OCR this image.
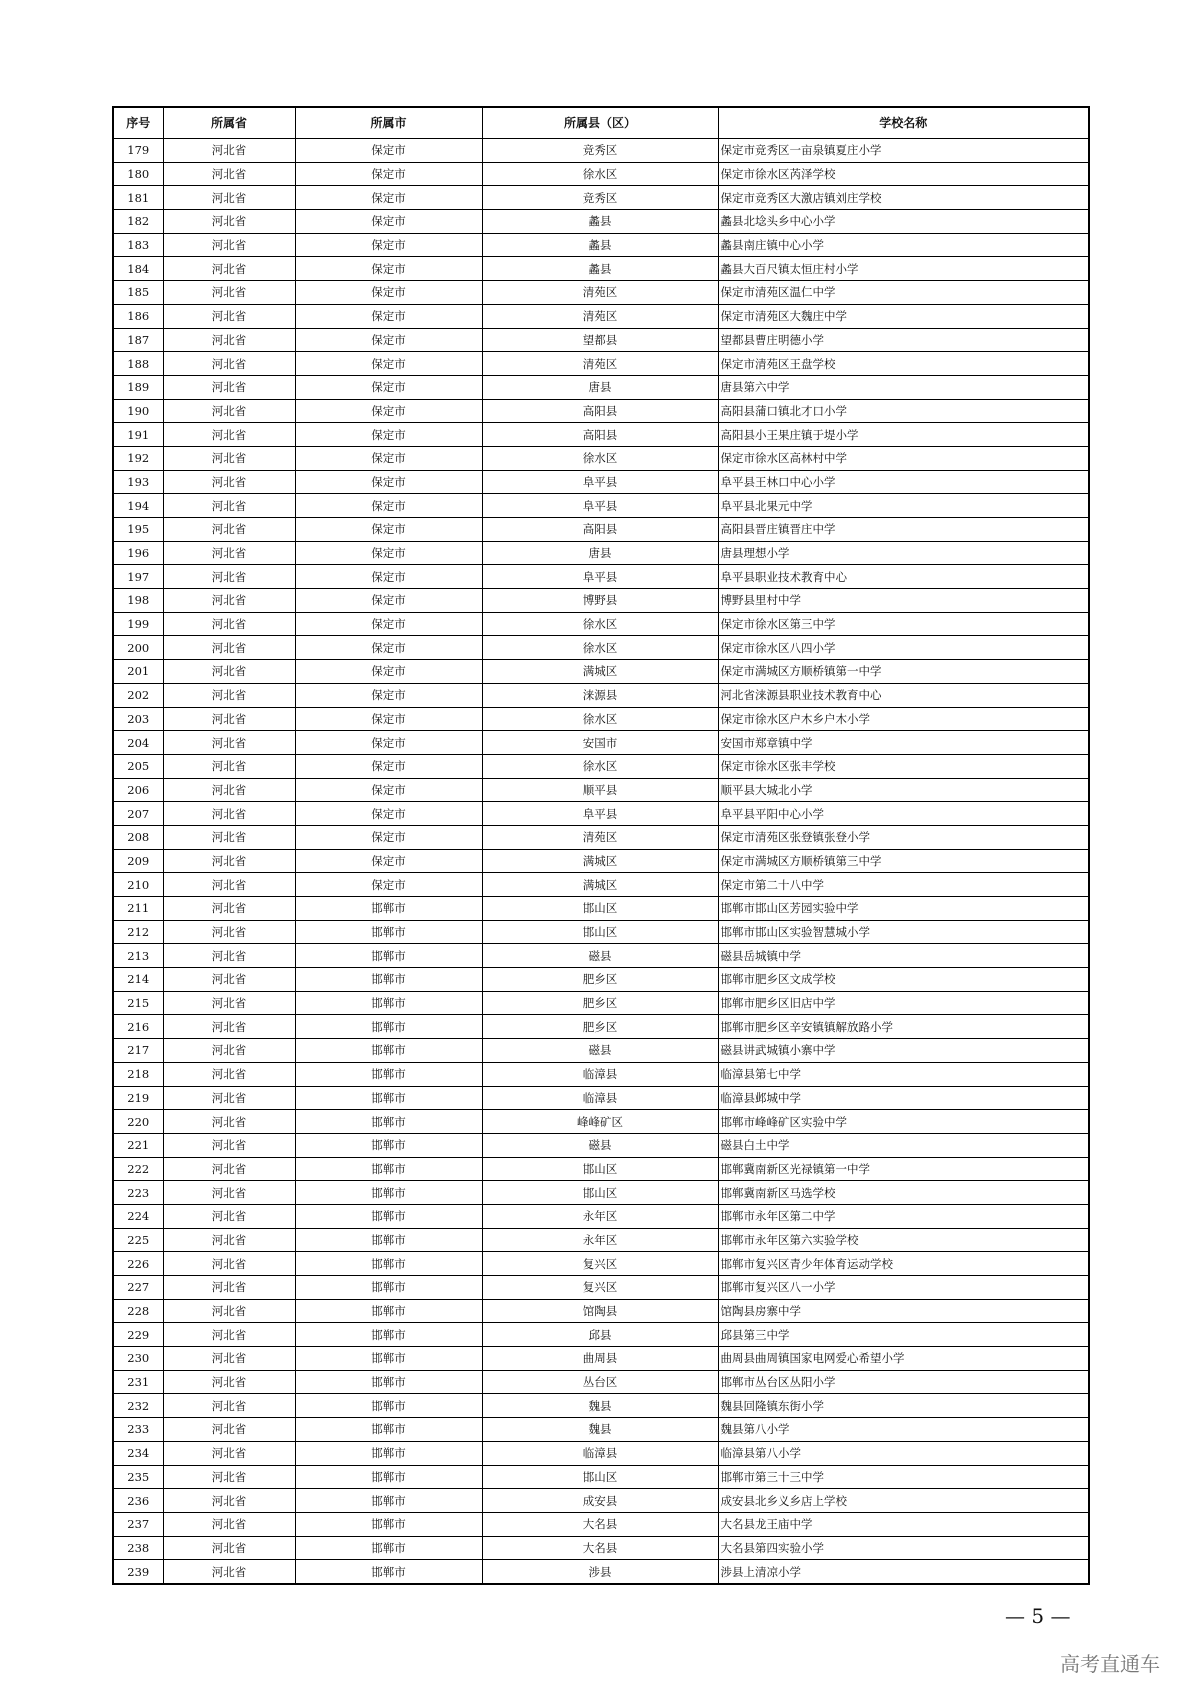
序号	所属省	所属市	所属县（区）	学校名称
179	河北省	保定市	竞秀区	保定市竞秀区一亩泉镇夏庄小学
180	河北省	保定市	徐水区	保定市徐水区芮泽学校
181	河北省	保定市	竞秀区	保定市竞秀区大激店镇刘庄学校
182	河北省	保定市	蠡县	蠡县北埝头乡中心小学
183	河北省	保定市	蠡县	蠡县南庄镇中心小学
184	河北省	保定市	蠡县	蠡县大百尺镇太恒庄村小学
185	河北省	保定市	清苑区	保定市清苑区温仁中学
186	河北省	保定市	清苑区	保定市清苑区大魏庄中学
187	河北省	保定市	望都县	望都县曹庄明德小学
188	河北省	保定市	清苑区	保定市清苑区王盘学校
189	河北省	保定市	唐县	唐县第六中学
190	河北省	保定市	高阳县	高阳县蒲口镇北才口小学
191	河北省	保定市	高阳县	高阳县小王果庄镇于堤小学
192	河北省	保定市	徐水区	保定市徐水区高林村中学
193	河北省	保定市	阜平县	阜平县王林口中心小学
194	河北省	保定市	阜平县	阜平县北果元中学
195	河北省	保定市	高阳县	高阳县晋庄镇晋庄中学
196	河北省	保定市	唐县	唐县理想小学
197	河北省	保定市	阜平县	阜平县职业技术教育中心
198	河北省	保定市	博野县	博野县里村中学
199	河北省	保定市	徐水区	保定市徐水区第三中学
200	河北省	保定市	徐水区	保定市徐水区八四小学
201	河北省	保定市	满城区	保定市满城区方顺桥镇第一中学
202	河北省	保定市	涞源县	河北省涞源县职业技术教育中心
203	河北省	保定市	徐水区	保定市徐水区户木乡户木小学
204	河北省	保定市	安国市	安国市郑章镇中学
205	河北省	保定市	徐水区	保定市徐水区张丰学校
206	河北省	保定市	顺平县	顺平县大城北小学
207	河北省	保定市	阜平县	阜平县平阳中心小学
208	河北省	保定市	清苑区	保定市清苑区张登镇张登小学
209	河北省	保定市	满城区	保定市满城区方顺桥镇第三中学
210	河北省	保定市	满城区	保定市第二十八中学
211	河北省	邯郸市	邯山区	邯郸市邯山区芳园实验中学
212	河北省	邯郸市	邯山区	邯郸市邯山区实验智慧城小学
213	河北省	邯郸市	磁县	磁县岳城镇中学
214	河北省	邯郸市	肥乡区	邯郸市肥乡区文成学校
215	河北省	邯郸市	肥乡区	邯郸市肥乡区旧店中学
216	河北省	邯郸市	肥乡区	邯郸市肥乡区辛安镇镇解放路小学
217	河北省	邯郸市	磁县	磁县讲武城镇小寨中学
218	河北省	邯郸市	临漳县	临漳县第七中学
219	河北省	邯郸市	临漳县	临漳县邺城中学
220	河北省	邯郸市	峰峰矿区	邯郸市峰峰矿区实验中学
221	河北省	邯郸市	磁县	磁县白土中学
222	河北省	邯郸市	邯山区	邯郸冀南新区光禄镇第一中学
223	河北省	邯郸市	邯山区	邯郸冀南新区马选学校
224	河北省	邯郸市	永年区	邯郸市永年区第二中学
225	河北省	邯郸市	永年区	邯郸市永年区第六实验学校
226	河北省	邯郸市	复兴区	邯郸市复兴区青少年体育运动学校
227	河北省	邯郸市	复兴区	邯郸市复兴区八一小学
228	河北省	邯郸市	馆陶县	馆陶县房寨中学
229	河北省	邯郸市	邱县	邱县第三中学
230	河北省	邯郸市	曲周县	曲周县曲周镇国家电网爱心希望小学
231	河北省	邯郸市	丛台区	邯郸市丛台区丛阳小学
232	河北省	邯郸市	魏县	魏县回隆镇东街小学
233	河北省	邯郸市	魏县	魏县第八小学
234	河北省	邯郸市	临漳县	临漳县第八小学
235	河北省	邯郸市	邯山区	邯郸市第三十三中学
236	河北省	邯郸市	成安县	成安县北乡义乡店上学校
237	河北省	邯郸市	大名县	大名县龙王庙中学
238	河北省	邯郸市	大名县	大名县第四实验小学
239	河北省	邯郸市	涉县	涉县上清凉小学
— 5 —
高考直通车
